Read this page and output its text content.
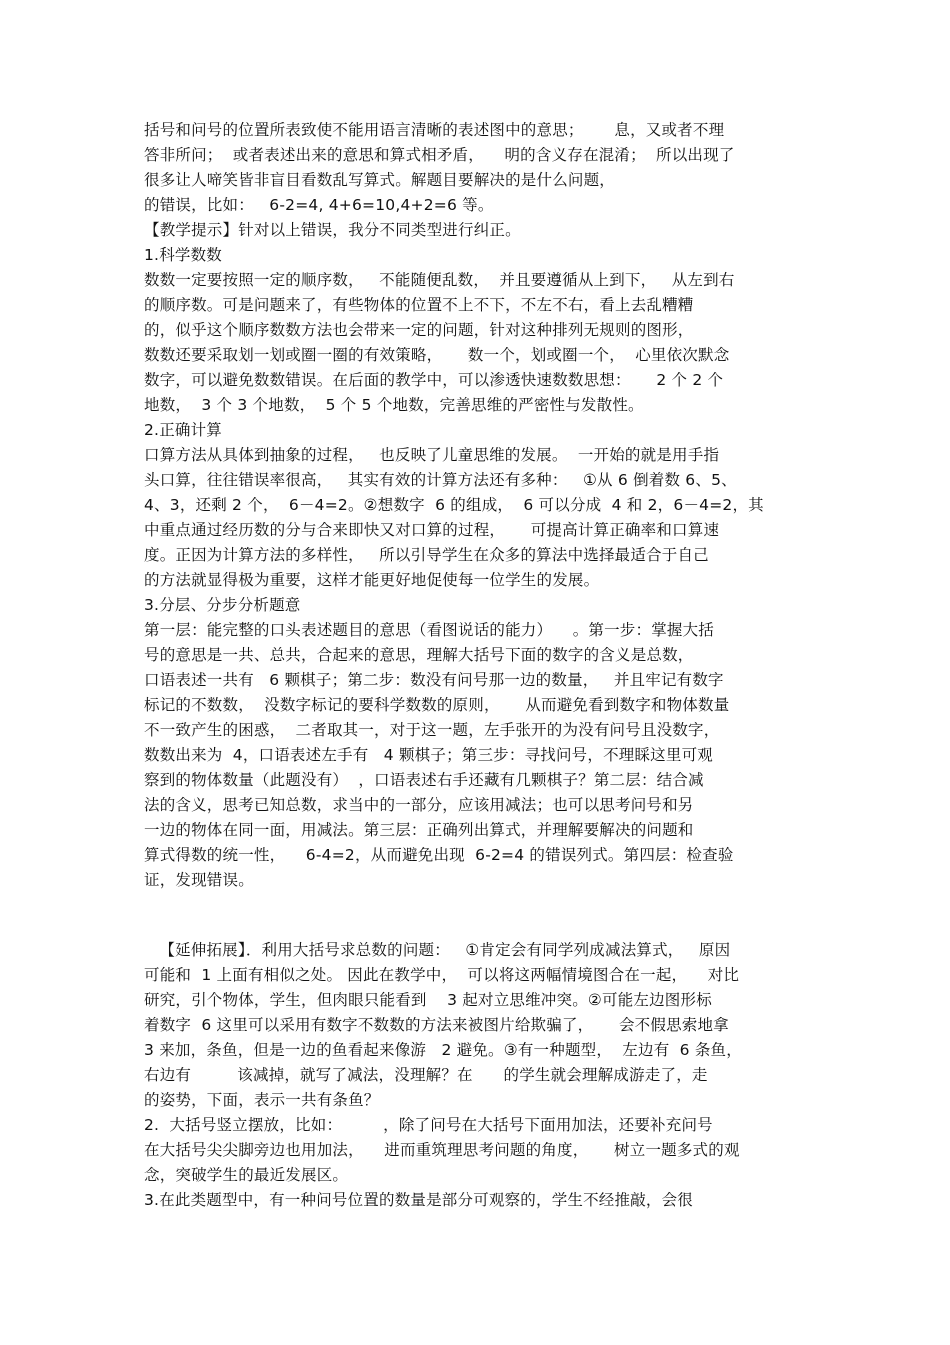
括号和问号的位置所表致使不能用语言清晰的表述图中的意思；      息，又或者不理
答非所问；  或者表述出来的意思和算式相矛盾，    明的含义存在混淆；  所以出现了
很多让人啼笑皆非盲目看数乱写算式。解题目要解决的是什么问题，
的错误，比如：   6-2=4, 4+6=10,4+2=6 等。
【教学提示】针对以上错误，我分不同类型进行纠正。
1.科学数数
数数一定要按照一定的顺序数，   不能随便乱数，  并且要遵循从上到下，   从左到右
的顺序数。可是问题来了，有些物体的位置不上不下，不左不右，看上去乱糟糟
的，似乎这个顺序数数方法也会带来一定的问题，针对这种排列无规则的图形，
数数还要采取划一划或圈一圈的有效策略，     数一个，划或圈一个，  心里依次默念
数字，可以避免数数错误。在后面的教学中，可以渗透快速数数思想：     2 个 2 个
地数，  3 个 3 个地数，  5 个 5 个地数，完善思维的严密性与发散性。
2.正确计算
口算方法从具体到抽象的过程，   也反映了儿童思维的发展。  一开始的就是用手指
头口算，往往错误率很高，   其实有效的计算方法还有多种：   ①从 6 倒着数 6、5、
4、3，还剩 2 个，  6－4=2。②想数字  6 的组成，  6 可以分成  4 和 2，6－4=2，其
中重点通过经历数的分与合来即快又对口算的过程，     可提高计算正确率和口算速
度。正因为计算方法的多样性，   所以引导学生在众多的算法中选择最适合于自己
的方法就显得极为重要，这样才能更好地促使每一位学生的发展。
3.分层、分步分析题意
第一层：能完整的口头表述题目的意思（看图说话的能力）    。第一步：掌握大括
号的意思是一共、总共，合起来的意思，理解大括号下面的数字的含义是总数，
口语表述一共有   6 颗棋子；第二步：数没有问号那一边的数量，   并且牢记有数字
标记的不数数，  没数字标记的要科学数数的原则，     从而避免看到数字和物体数量
不一致产生的困惑，  二者取其一，对于这一题，左手张开的为没有问号且没数字，
数数出来为  4，口语表述左手有   4 颗棋子；第三步：寻找问号，不理睬这里可观
察到的物体数量（此题没有）  ，口语表述右手还藏有几颗棋子？第二层：结合减
法的含义，思考已知总数，求当中的一部分，应该用减法；也可以思考问号和另
一边的物体在同一面，用减法。第三层：正确列出算式，并理解要解决的问题和
算式得数的统一性，    6-4=2，从而避免出现  6-2=4 的错误列式。第四层：检查验
证，发现错误。
【延伸拓展】．利用大括号求总数的问题：   ①肯定会有同学列成减法算式，   原因
可能和  1 上面有相似之处。 因此在教学中，  可以将这两幅情境图合在一起，    对比
研究，引个物体，学生，但肉眼只能看到    3 起对立思维冲突。②可能左边图形标
着数字  6 这里可以采用有数字不数数的方法来被图片给欺骗了，     会不假思索地拿
3 来加，条鱼，但是一边的鱼看起来像游   2 避免。③有一种题型，  左边有  6 条鱼，
右边有         该减掉，就写了减法，没理解？在      的学生就会理解成游走了，走
的姿势，下面，表示一共有条鱼？
2.  大括号竖立摆放，比如：        ，除了问号在大括号下面用加法，还要补充问号
在大括号尖尖脚旁边也用加法，    进而重筑理思考问题的角度，     树立一题多式的观
念，突破学生的最近发展区。
3.在此类题型中，有一种问号位置的数量是部分可观察的，学生不经推敲，会很
